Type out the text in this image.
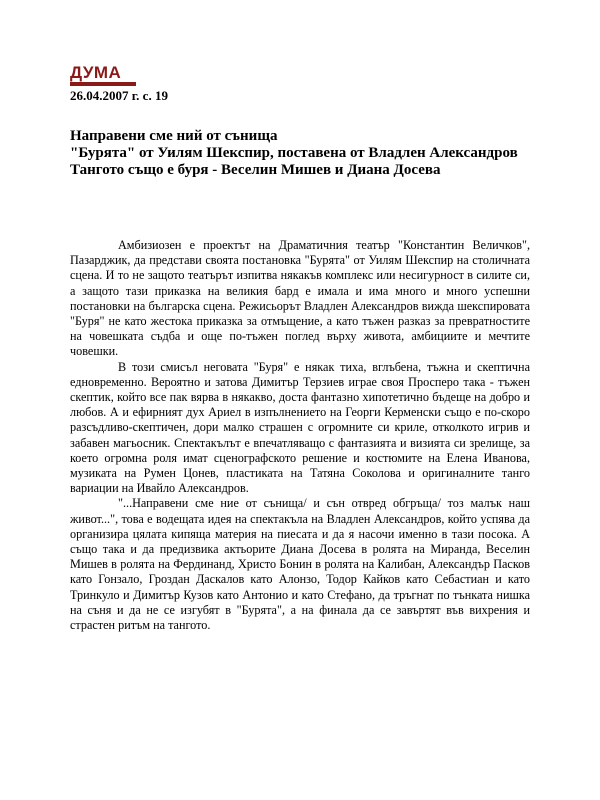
ДУМА
26.04.2007 г. с. 19

Направени сме ний от сънища

"Бурята" от Уилям Шекспир, поставена от Владлен Александров

Тангото също е буря - Веселин Мишев и Диана Досева

Амбизиозен е проектът на Драматичния театър "Константин Величков", Пазарджик, да представи своята постановка "Бурята" от Уилям Шекспир на столичната сцена. И то не защото театърът изпитва някакъв комплекс или несигурност в силите си, а защото тази приказка на великия бард е имала и има много и много успешни постановки на българска сцена. Режисьорът Владлен Александров вижда шекспировата "Буря" не като жестока приказка за отмъщение, а като тъжен разказ за превратностите на човешката съдба и още по-тъжен поглед върху живота, амбициите и мечтите човешки.

В този смисъл неговата "Буря" е някак тиха, вглъбена, тъжна и скептична едновременно. Вероятно и затова Димитър Терзиев играе своя Просперо така - тъжен скептик, който все пак вярва в някакво, доста фантазно хипотетично бъдеще на добро и любов. А и ефирният дух Ариел в изпълнението на Георги Керменски също е по-скоро разсъдливо-скептичен, дори малко страшен с огромните си криле, отколкото игрив и забавен магьосник. Спектакълът е впечатляващо с фантазията и визията си зрелище, за което огромна роля имат сценографското решение и костюмите на Елена Иванова, музиката на Румен Цонев, пластиката на Татяна Соколова и оригиналните танго вариации на Ивайло Александров.

"...Направени сме ние от сънища/ и сън отвред обгръща/ тоз малък наш живот...", това е водещата идея на спектакъла на Владлен Александров, който успява да организира цялата кипяща материя на пиесата и да я насочи именно в тази посока. А също така и да предизвика актьорите Диана Досева в ролята на Миранда, Веселин Мишев в ролята на Фердинанд, Христо Бонин в ролята на Калибан, Александър Пасков като Гонзало, Гроздан Даскалов като Алонзо, Тодор Кайков като Себастиан и като Тринкуло и Димитър Кузов като Антонио и като Стефано, да тръгнат по тънката нишка на съня и да не се изгубят в "Бурята", а на финала да се завъртят във вихрения и страстен ритъм на тангото.
